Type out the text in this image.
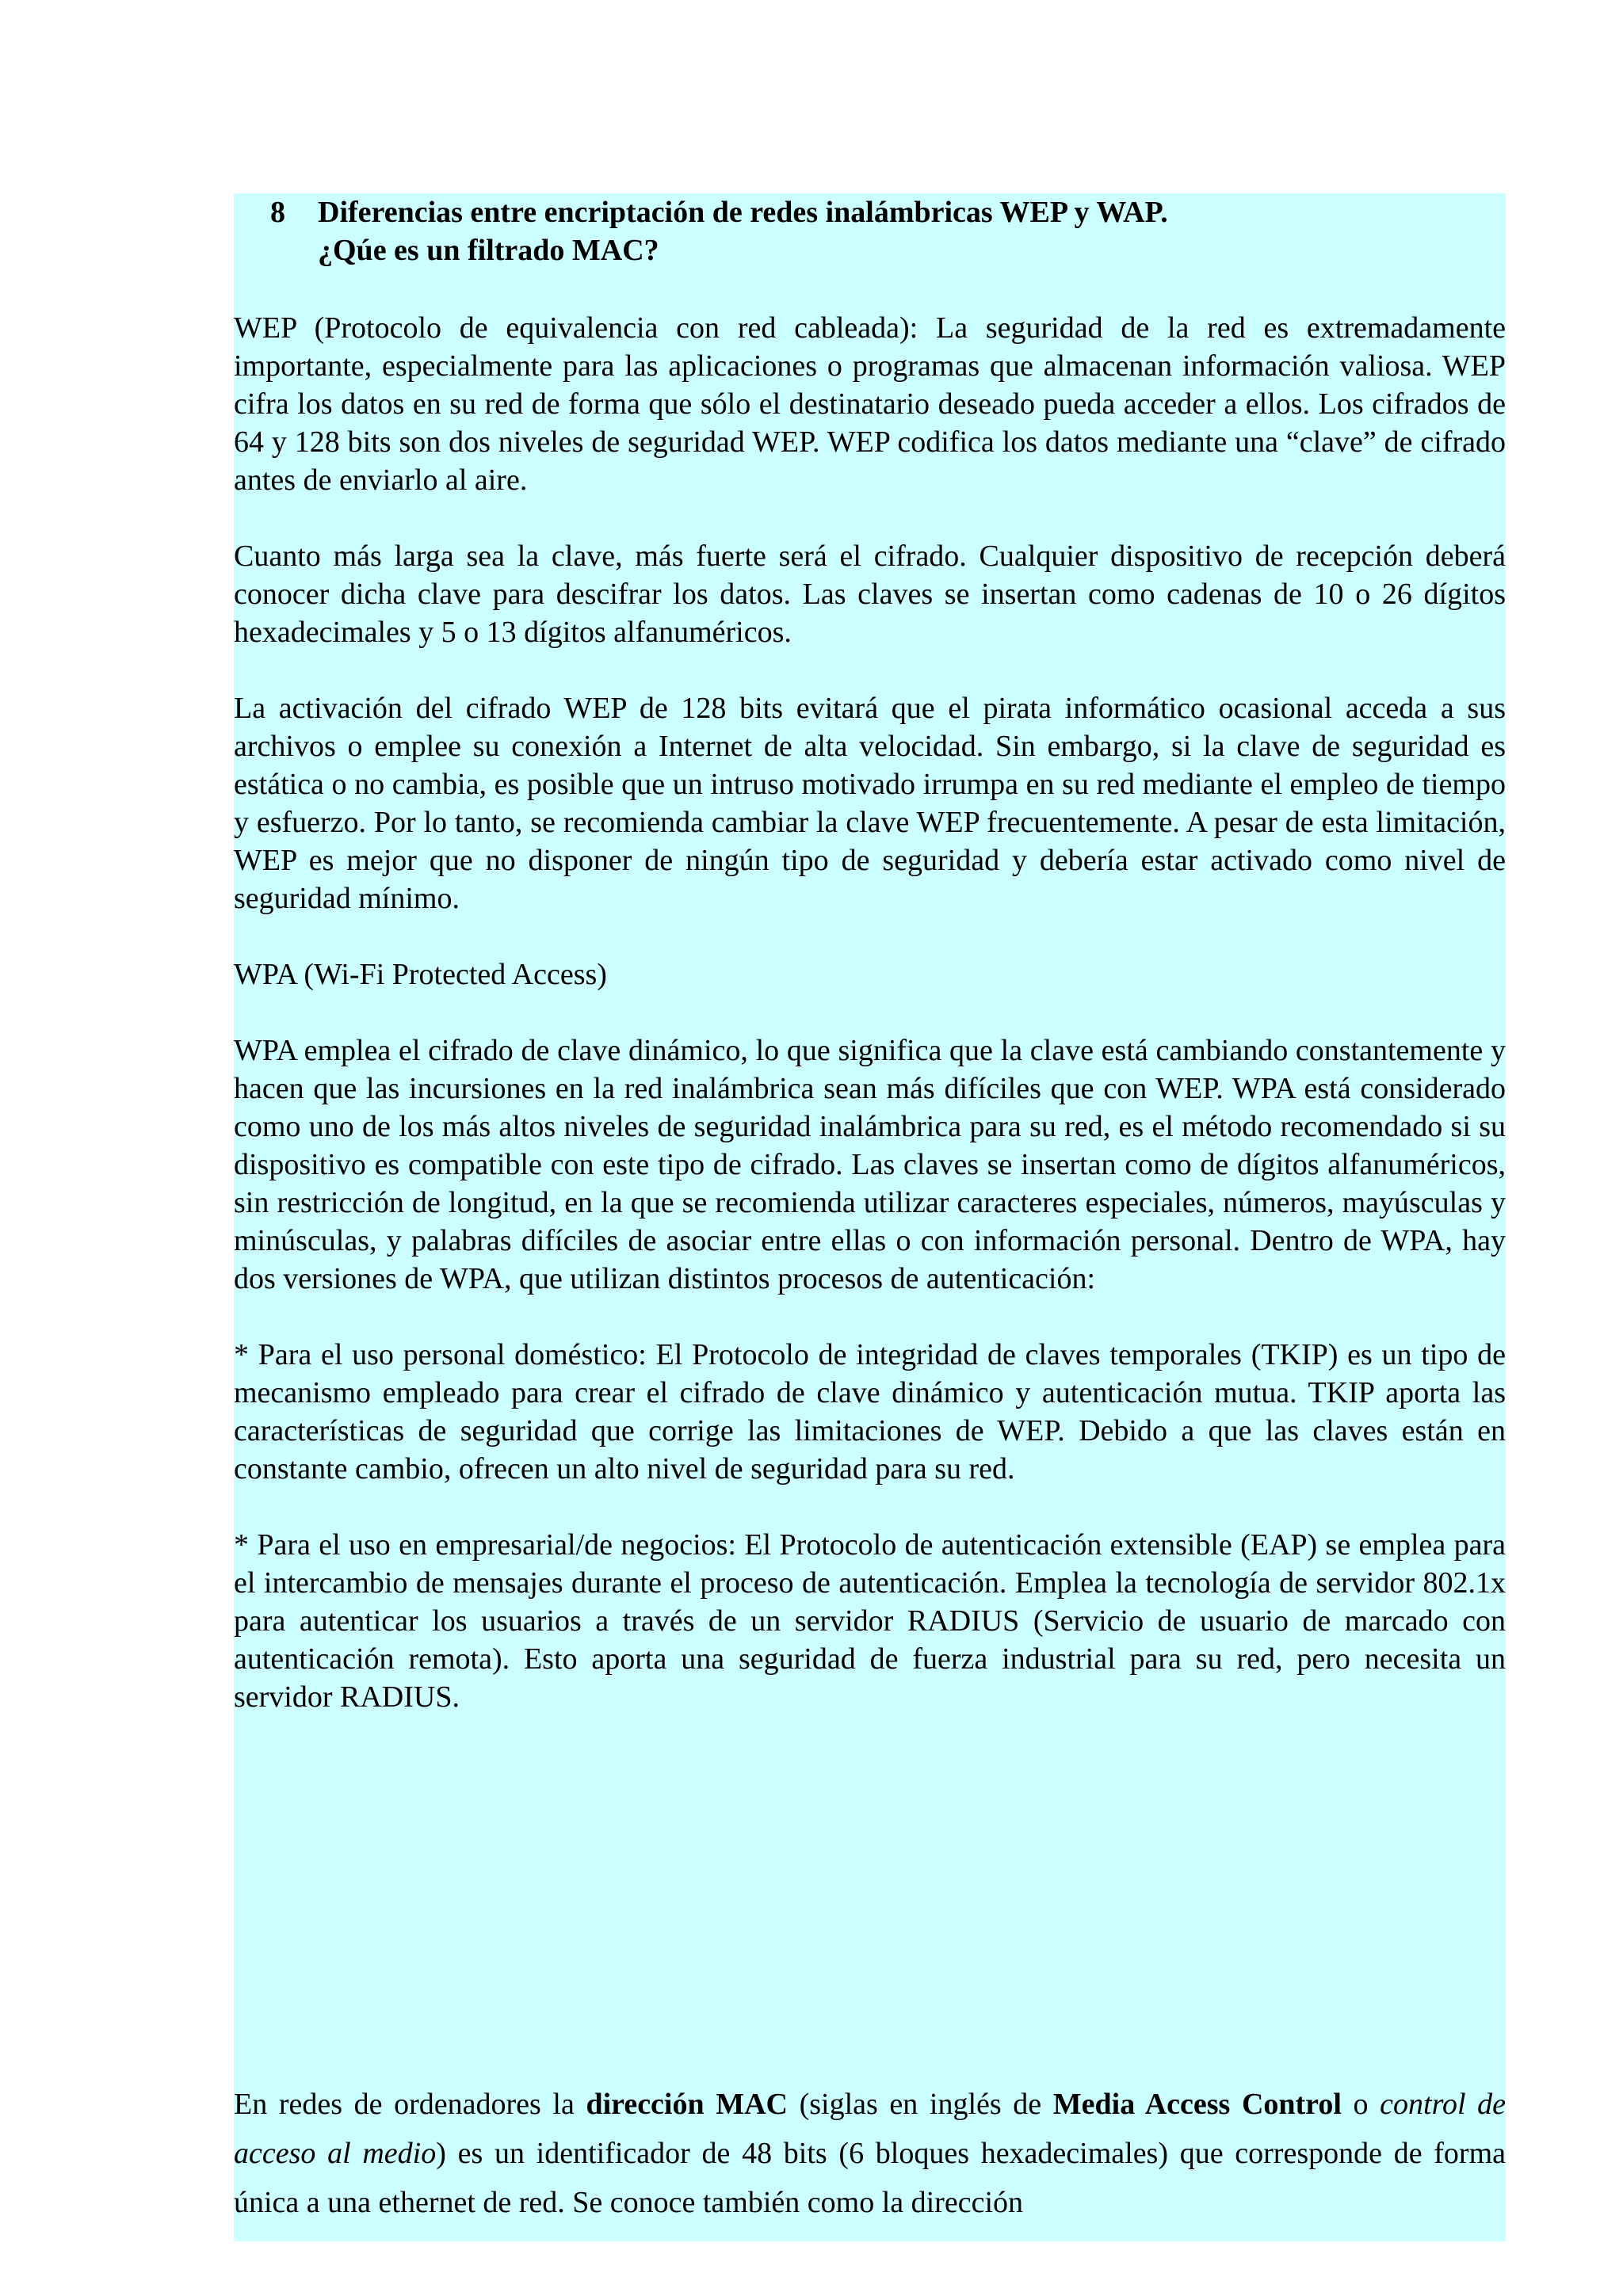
8	Diferencias entre encriptación de redes inalámbricas WEP y WAP.¿Qúe es un filtrado MAC?

WEP (Protocolo de equivalencia con red cableada): La seguridad de la red es extremadamente importante, especialmente para las aplicaciones o programas que almacenan información valiosa. WEP cifra los datos en su red de forma que sólo el destinatario deseado pueda acceder a ellos. Los cifrados de 64 y 128 bits son dos niveles de seguridad WEP. WEP codifica los datos mediante una “clave” de cifrado antes de enviarlo al aire.

Cuanto más larga sea la clave, más fuerte será el cifrado. Cualquier dispositivo de recepción deberá conocer dicha clave para descifrar los datos. Las claves se insertan como cadenas de 10 o 26 dígitos hexadecimales y 5 o 13 dígitos alfanuméricos.

La activación del cifrado WEP de 128 bits evitará que el pirata informático ocasional acceda a sus archivos o emplee su conexión a Internet de alta velocidad. Sin embargo, si la clave de seguridad es estática o no cambia, es posible que un intruso motivado irrumpa en su red mediante el empleo de tiempo y esfuerzo. Por lo tanto, se recomienda cambiar la clave WEP frecuentemente. A pesar de esta limitación, WEP es mejor que no disponer de ningún tipo de seguridad y debería estar activado como nivel de seguridad mínimo.

WPA (Wi-Fi Protected Access)

WPA emplea el cifrado de clave dinámico, lo que significa que la clave está cambiando constantemente y hacen que las incursiones en la red inalámbrica sean más difíciles que con WEP. WPA está considerado como uno de los más altos niveles de seguridad inalámbrica para su red, es el método recomendado si su dispositivo es compatible con este tipo de cifrado. Las claves se insertan como de dígitos alfanuméricos, sin restricción de longitud, en la que se recomienda utilizar caracteres especiales, números, mayúsculas y minúsculas, y palabras difíciles de asociar entre ellas o con información personal. Dentro de WPA, hay dos versiones de WPA, que utilizan distintos procesos de autenticación:

* Para el uso personal doméstico: El Protocolo de integridad de claves temporales (TKIP) es un tipo de mecanismo empleado para crear el cifrado de clave dinámico y autenticación mutua. TKIP aporta las características de seguridad que corrige las limitaciones de WEP. Debido a que las claves están en constante cambio, ofrecen un alto nivel de seguridad para su red.

* Para el uso en empresarial/de negocios: El Protocolo de autenticación extensible (EAP) se emplea para el intercambio de mensajes durante el proceso de autenticación. Emplea la tecnología de servidor 802.1x para autenticar los usuarios a través de un servidor RADIUS (Servicio de usuario de marcado con autenticación remota). Esto aporta una seguridad de fuerza industrial para su red, pero necesita un servidor RADIUS.

En redes de ordenadores la dirección MAC (siglas en inglés de Media Access Control o control de acceso al medio) es un identificador de 48 bits (6 bloques hexadecimales) que corresponde de forma única a una ethernet de red. Se conoce también como la dirección
